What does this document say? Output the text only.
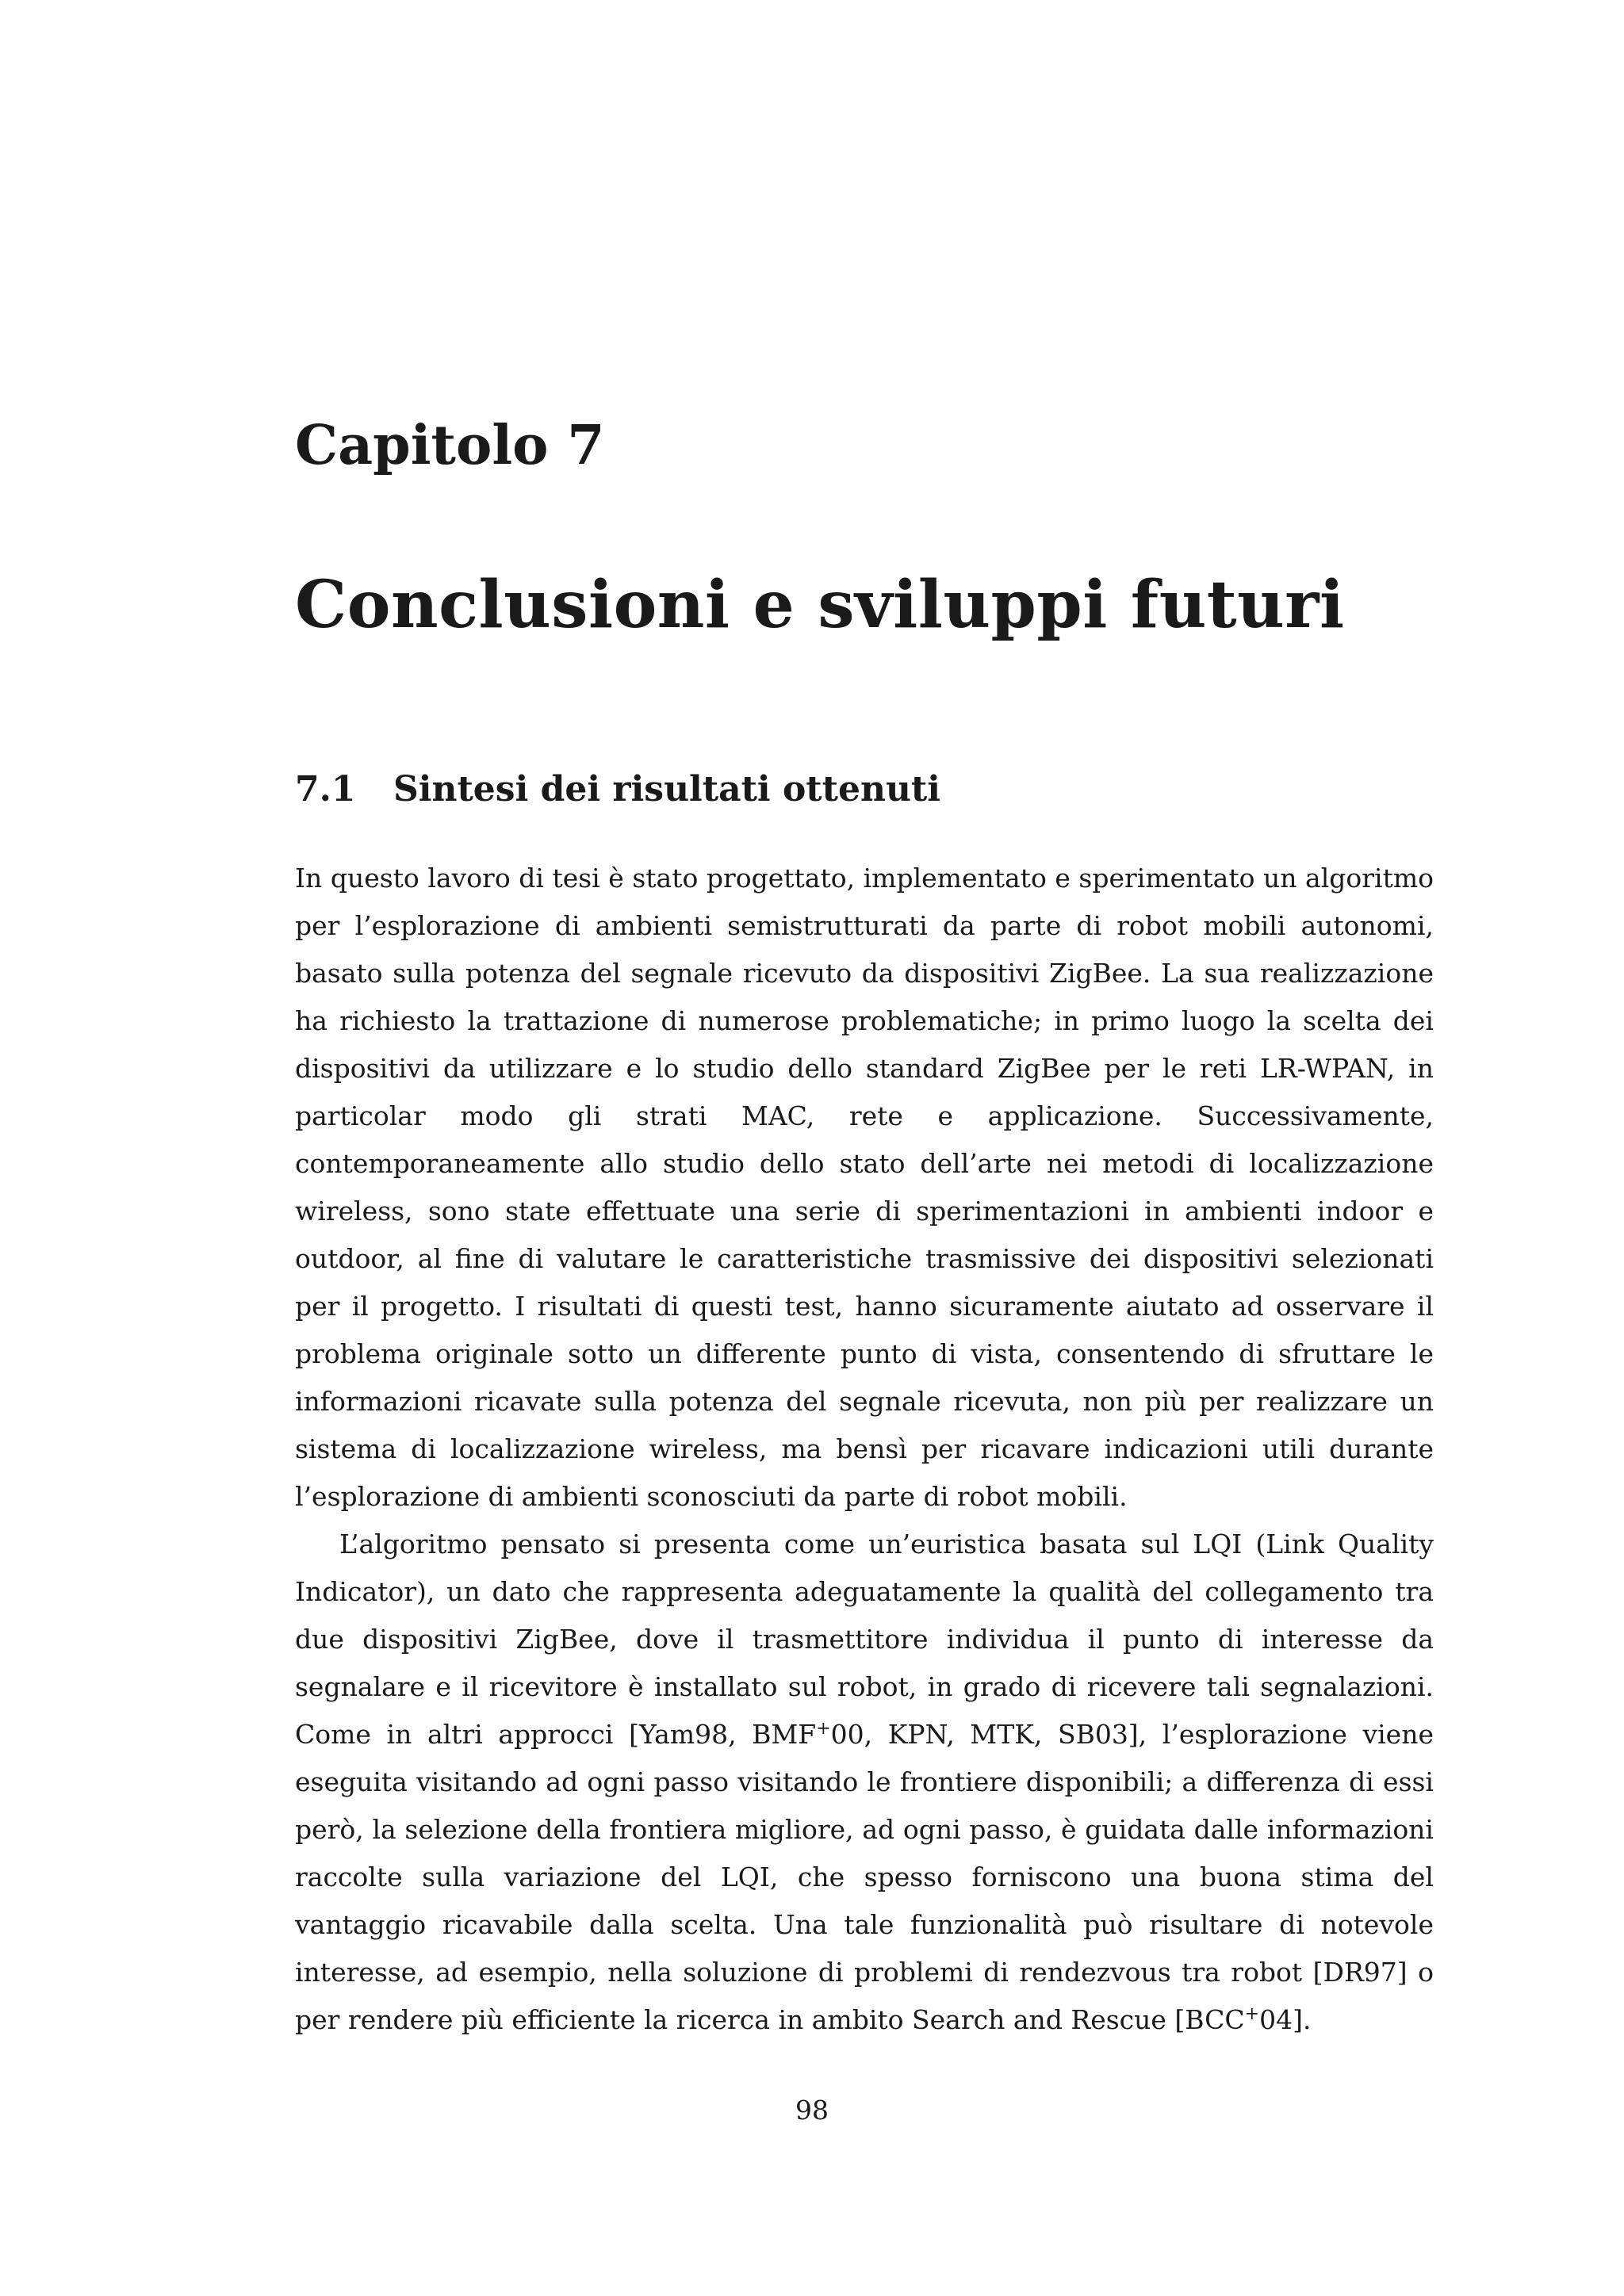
Capitolo 7
Conclusioni e sviluppi futuri
7.1 Sintesi dei risultati ottenuti

In questo lavoro di tesi è stato progettato, implementato e sperimentato un algoritmo per l’esplorazione di ambienti semistrutturati da parte di robot mobili autonomi, basato sulla potenza del segnale ricevuto da dispositivi ZigBee. La sua realizzazione ha richiesto la trattazione di numerose problematiche; in primo luogo la scelta dei dispositivi da utilizzare e lo studio dello standard ZigBee per le reti LR-WPAN, in particolar modo gli strati MAC, rete e applicazione. Successivamente, contemporaneamente allo studio dello stato dell’arte nei metodi di localizzazione wireless, sono state effettuate una serie di sperimentazioni in ambienti indoor e outdoor, al fine di valutare le caratteristiche trasmissive dei dispositivi selezionati per il progetto. I risultati di questi test, hanno sicuramente aiutato ad osservare il problema originale sotto un differente punto di vista, consentendo di sfruttare le informazioni ricavate sulla potenza del segnale ricevuta, non più per realizzare un sistema di localizzazione wireless, ma bensì per ricavare indicazioni utili durante l’esplorazione di ambienti sconosciuti da parte di robot mobili.

L’algoritmo pensato si presenta come un’euristica basata sul LQI (Link Quality Indicator), un dato che rappresenta adeguatamente la qualità del collegamento tra due dispositivi ZigBee, dove il trasmettitore individua il punto di interesse da segnalare e il ricevitore è installato sul robot, in grado di ricevere tali segnalazioni. Come in altri approcci [Yam98, BMF+00, KPN, MTK, SB03], l’esplorazione viene eseguita visitando ad ogni passo visitando le frontiere disponibili; a differenza di essi però, la selezione della frontiera migliore, ad ogni passo, è guidata dalle informazioni raccolte sulla variazione del LQI, che spesso forniscono una buona stima del vantaggio ricavabile dalla scelta. Una tale funzionalità può risultare di notevole interesse, ad esempio, nella soluzione di problemi di rendezvous tra robot [DR97] o per rendere più efficiente la ricerca in ambito Search and Rescue [BCC+04].

98
